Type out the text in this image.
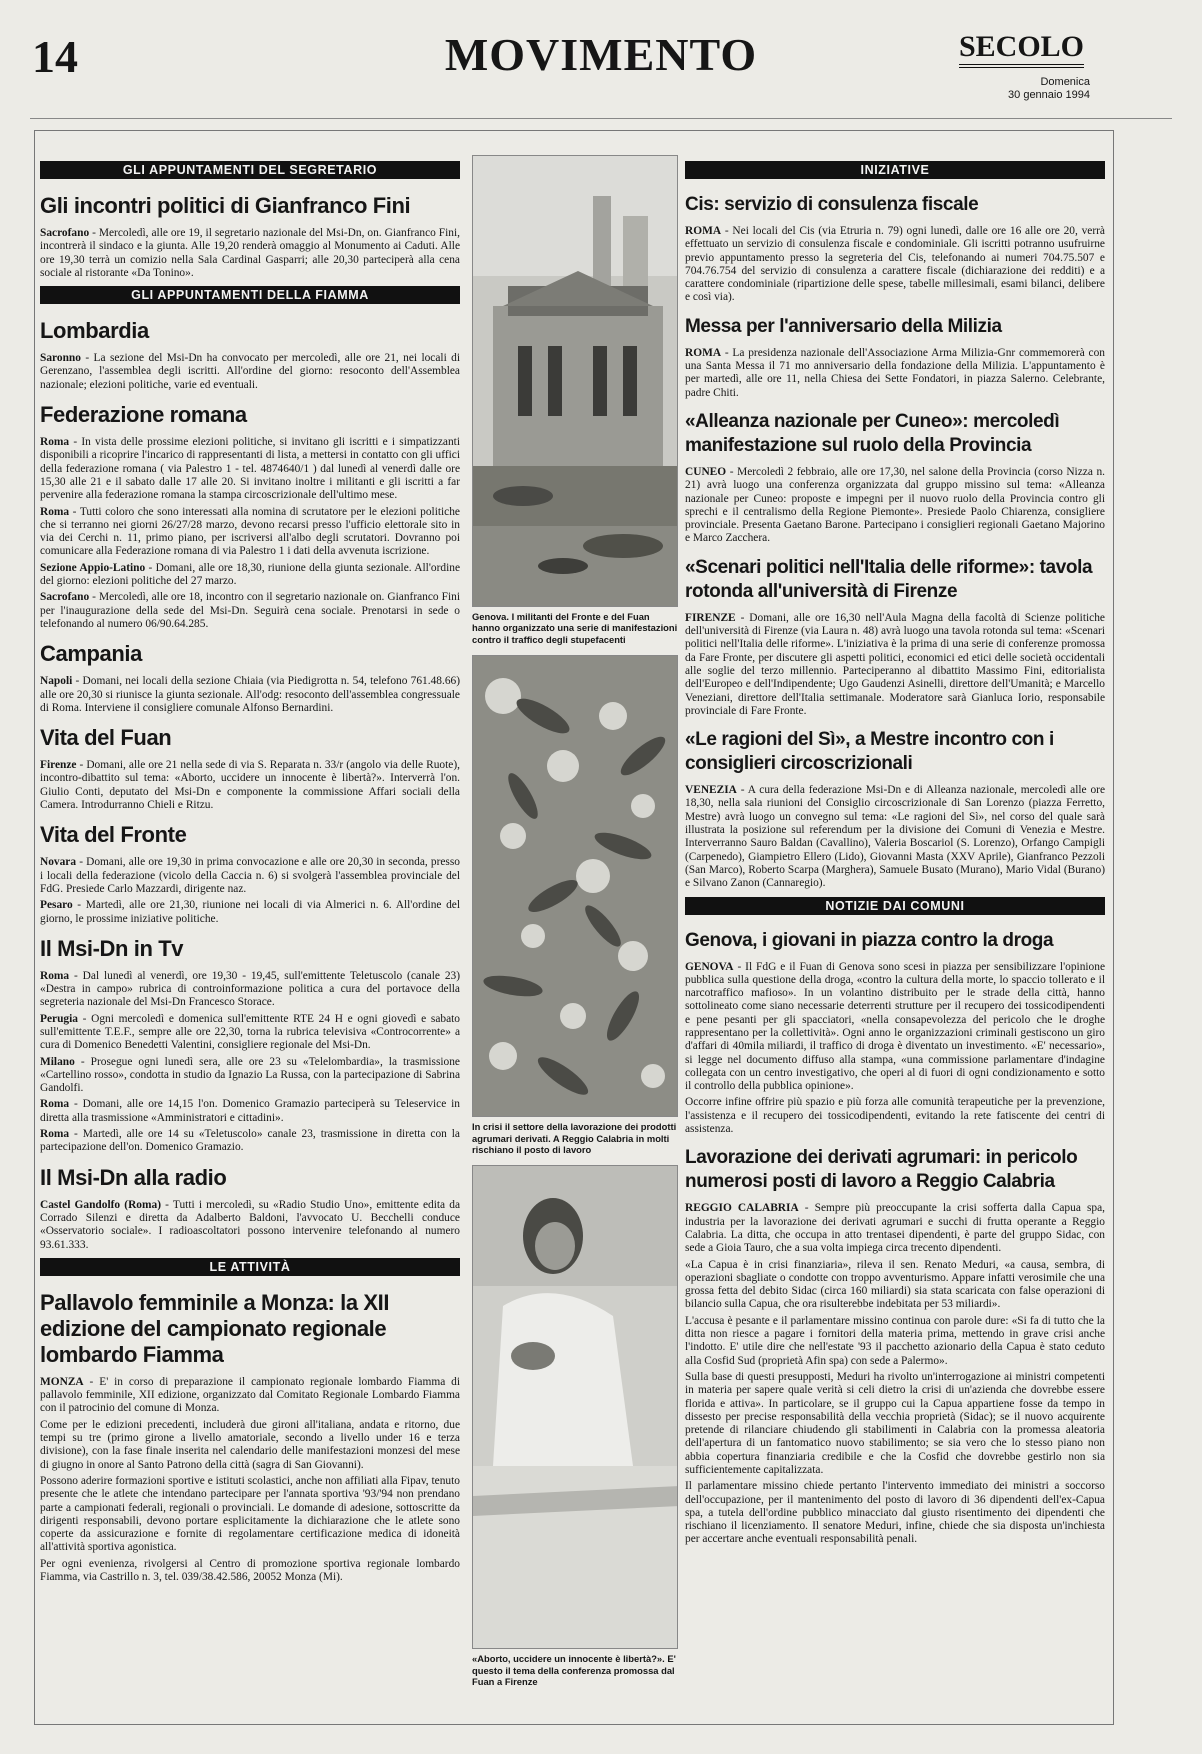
14	MOVIMENTO	SECOLO
Domenica
30 gennaio 1994
GLI APPUNTAMENTI DEL SEGRETARIO
Gli incontri politici di Gianfranco Fini

Sacrofano - Mercoledì, alle ore 19, il segretario nazionale del Msi-Dn, on. Gianfranco Fini, incontrerà il sindaco e la giunta. Alle 19,20 renderà omaggio al Monumento ai Caduti. Alle ore 19,30 terrà un comizio nella Sala Cardinal Gasparri; alle 20,30 parteciperà alla cena sociale al ristorante «Da Tonino».

GLI APPUNTAMENTI DELLA FIAMMA
Lombardia

Saronno - La sezione del Msi-Dn ha convocato per mercoledì, alle ore 21, nei locali di Gerenzano, l'assemblea degli iscritti. All'ordine del giorno: resoconto dell'Assemblea nazionale; elezioni politiche, varie ed eventuali.

Federazione romana

Roma - In vista delle prossime elezioni politiche, si invitano gli iscritti e i simpatizzanti disponibili a ricoprire l'incarico di rappresentanti di lista, a mettersi in contatto con gli uffici della federazione romana ( via Palestro 1 - tel. 4874640/1 ) dal lunedì al venerdì dalle ore 15,30 alle 21 e il sabato dalle 17 alle 20. Si invitano inoltre i militanti e gli iscritti a far pervenire alla federazione romana la stampa circoscrizionale dell'ultimo mese.

Roma - Tutti coloro che sono interessati alla nomina di scrutatore per le elezioni politiche che si terranno nei giorni 26/27/28 marzo, devono recarsi presso l'ufficio elettorale sito in via dei Cerchi n. 11, primo piano, per iscriversi all'albo degli scrutatori. Dovranno poi comunicare alla Federazione romana di via Palestro 1 i dati della avvenuta iscrizione.

Sezione Appio-Latino - Domani, alle ore 18,30, riunione della giunta sezionale. All'ordine del giorno: elezioni politiche del 27 marzo.

Sacrofano - Mercoledì, alle ore 18, incontro con il segretario nazionale on. Gianfranco Fini per l'inaugurazione della sede del Msi-Dn. Seguirà cena sociale. Prenotarsi in sede o telefonando al numero 06/90.64.285.

Campania

Napoli - Domani, nei locali della sezione Chiaia (via Piedigrotta n. 54, telefono 761.48.66) alle ore 20,30 si riunisce la giunta sezionale. All'odg: resoconto dell'assemblea congressuale di Roma. Interviene il consigliere comunale Alfonso Bernardini.

Vita del Fuan

Firenze - Domani, alle ore 21 nella sede di via S. Reparata n. 33/r (angolo via delle Ruote), incontro-dibattito sul tema: «Aborto, uccidere un innocente è libertà?». Interverrà l'on. Giulio Conti, deputato del Msi-Dn e componente la commissione Affari sociali della Camera. Introdurranno Chieli e Ritzu.

Vita del Fronte

Novara - Domani, alle ore 19,30 in prima convocazione e alle ore 20,30 in seconda, presso i locali della federazione (vicolo della Caccia n. 6) si svolgerà l'assemblea provinciale del FdG. Presiede Carlo Mazzardi, dirigente naz.

Pesaro - Martedì, alle ore 21,30, riunione nei locali di via Almerici n. 6. All'ordine del giorno, le prossime iniziative politiche.

Il Msi-Dn in Tv

Roma - Dal lunedì al venerdì, ore 19,30 - 19,45, sull'emittente Teletuscolo (canale 23) «Destra in campo» rubrica di controinformazione politica a cura del portavoce della segreteria nazionale del Msi-Dn Francesco Storace.

Perugia - Ogni mercoledì e domenica sull'emittente RTE 24 H e ogni giovedì e sabato sull'emittente T.E.F., sempre alle ore 22,30, torna la rubrica televisiva «Controcorrente» a cura di Domenico Benedetti Valentini, consigliere regionale del Msi-Dn.

Milano - Prosegue ogni lunedì sera, alle ore 23 su «Telelombardia», la trasmissione «Cartellino rosso», condotta in studio da Ignazio La Russa, con la partecipazione di Sabrina Gandolfi.

Roma - Domani, alle ore 14,15 l'on. Domenico Gramazio parteciperà su Teleservice in diretta alla trasmissione «Amministratori e cittadini».

Roma - Martedì, alle ore 14 su «Teletuscolo» canale 23, trasmissione in diretta con la partecipazione dell'on. Domenico Gramazio.

Il Msi-Dn alla radio

Castel Gandolfo (Roma) - Tutti i mercoledì, su «Radio Studio Uno», emittente edita da Corrado Silenzi e diretta da Adalberto Baldoni, l'avvocato U. Becchelli conduce «Osservatorio sociale». I radioascoltatori possono intervenire telefonando al numero 93.61.333.

LE ATTIVITÀ
Pallavolo femminile a Monza: la XII edizione del campionato regionale lombardo Fiamma

MONZA - E' in corso di preparazione il campionato regionale lombardo Fiamma di pallavolo femminile, XII edizione, organizzato dal Comitato Regionale Lombardo Fiamma con il patrocinio del comune di Monza.

Come per le edizioni precedenti, includerà due gironi all'italiana, andata e ritorno, due tempi su tre (primo girone a livello amatoriale, secondo a livello under 16 e terza divisione), con la fase finale inserita nel calendario delle manifestazioni monzesi del mese di giugno in onore al Santo Patrono della città (sagra di San Giovanni).

Possono aderire formazioni sportive e istituti scolastici, anche non affiliati alla Fipav, tenuto presente che le atlete che intendano partecipare per l'annata sportiva '93/'94 non prendano parte a campionati federali, regionali o provinciali. Le domande di adesione, sottoscritte da dirigenti responsabili, devono portare esplicitamente la dichiarazione che le atlete sono coperte da assicurazione e fornite di regolamentare certificazione medica di idoneità all'attività sportiva agonistica.

Per ogni evenienza, rivolgersi al Centro di promozione sportiva regionale lombardo Fiamma, via Castrillo n. 3, tel. 039/38.42.586, 20052 Monza (Mi).

Genova. I militanti del Fronte e del Fuan hanno organizzato una serie di manifestazioni contro il traffico degli stupefacenti
In crisi il settore della lavorazione dei prodotti agrumari derivati. A Reggio Calabria in molti rischiano il posto di lavoro
«Aborto, uccidere un innocente è libertà?». E' questo il tema della conferenza promossa dal Fuan a Firenze
INIZIATIVE
Cis: servizio di consulenza fiscale

ROMA - Nei locali del Cis (via Etruria n. 79) ogni lunedì, dalle ore 16 alle ore 20, verrà effettuato un servizio di consulenza fiscale e condominiale. Gli iscritti potranno usufruirne previo appuntamento presso la segreteria del Cis, telefonando ai numeri 704.75.507 e 704.76.754 del servizio di consulenza a carattere fiscale (dichiarazione dei redditi) e a carattere condominiale (ripartizione delle spese, tabelle millesimali, esami bilanci, delibere e così via).

Messa per l'anniversario della Milizia

ROMA - La presidenza nazionale dell'Associazione Arma Milizia-Gnr commemorerà con una Santa Messa il 71 mo anniversario della fondazione della Milizia. L'appuntamento è per martedì, alle ore 11, nella Chiesa dei Sette Fondatori, in piazza Salerno. Celebrante, padre Chiti.

«Alleanza nazionale per Cuneo»: mercoledì manifestazione sul ruolo della Provincia

CUNEO - Mercoledì 2 febbraio, alle ore 17,30, nel salone della Provincia (corso Nizza n. 21) avrà luogo una conferenza organizzata dal gruppo missino sul tema: «Alleanza nazionale per Cuneo: proposte e impegni per il nuovo ruolo della Provincia contro gli sprechi e il centralismo della Regione Piemonte». Presiede Paolo Chiarenza, consigliere provinciale. Presenta Gaetano Barone. Partecipano i consiglieri regionali Gaetano Majorino e Marco Zacchera.

«Scenari politici nell'Italia delle riforme»: tavola rotonda all'università di Firenze

FIRENZE - Domani, alle ore 16,30 nell'Aula Magna della facoltà di Scienze politiche dell'università di Firenze (via Laura n. 48) avrà luogo una tavola rotonda sul tema: «Scenari politici nell'Italia delle riforme». L'iniziativa è la prima di una serie di conferenze promossa da Fare Fronte, per discutere gli aspetti politici, economici ed etici delle società occidentali alle soglie del terzo millennio. Parteciperanno al dibattito Massimo Fini, editorialista dell'Europeo e dell'Indipendente; Ugo Gaudenzi Asinelli, direttore dell'Umanità; e Marcello Veneziani, direttore dell'Italia settimanale. Moderatore sarà Gianluca Iorio, responsabile provinciale di Fare Fronte.

«Le ragioni del Sì», a Mestre incontro con i consiglieri circoscrizionali

VENEZIA - A cura della federazione Msi-Dn e di Alleanza nazionale, mercoledì alle ore 18,30, nella sala riunioni del Consiglio circoscrizionale di San Lorenzo (piazza Ferretto, Mestre) avrà luogo un convegno sul tema: «Le ragioni del Sì», nel corso del quale sarà illustrata la posizione sul referendum per la divisione dei Comuni di Venezia e Mestre. Interverranno Sauro Baldan (Cavallino), Valeria Boscariol (S. Lorenzo), Orfango Campigli (Carpenedo), Giampietro Ellero (Lido), Giovanni Masta (XXV Aprile), Gianfranco Pezzoli (San Marco), Roberto Scarpa (Marghera), Samuele Busato (Murano), Mario Vidal (Burano) e Silvano Zanon (Cannaregio).

NOTIZIE DAI COMUNI
Genova, i giovani in piazza contro la droga

GENOVA - Il FdG e il Fuan di Genova sono scesi in piazza per sensibilizzare l'opinione pubblica sulla questione della droga, «contro la cultura della morte, lo spaccio tollerato e il narcotraffico mafioso». In un volantino distribuito per le strade della città, hanno sottolineato come siano necessarie deterrenti strutture per il recupero dei tossicodipendenti e pene pesanti per gli spacciatori, «nella consapevolezza del pericolo che le droghe rappresentano per la collettività». Ogni anno le organizzazioni criminali gestiscono un giro d'affari di 40mila miliardi, il traffico di droga è diventato un investimento. «E' necessario», si legge nel documento diffuso alla stampa, «una commissione parlamentare d'indagine collegata con un centro investigativo, che operi al di fuori di ogni condizionamento e sotto il controllo della pubblica opinione».

Occorre infine offrire più spazio e più forza alle comunità terapeutiche per la prevenzione, l'assistenza e il recupero dei tossicodipendenti, evitando la rete fatiscente dei centri di assistenza.

Lavorazione dei derivati agrumari: in pericolo numerosi posti di lavoro a Reggio Calabria

REGGIO CALABRIA - Sempre più preoccupante la crisi sofferta dalla Capua spa, industria per la lavorazione dei derivati agrumari e succhi di frutta operante a Reggio Calabria. La ditta, che occupa in atto trentasei dipendenti, è parte del gruppo Sidac, con sede a Gioia Tauro, che a sua volta impiega circa trecento dipendenti.

«La Capua è in crisi finanziaria», rileva il sen. Renato Meduri, «a causa, sembra, di operazioni sbagliate o condotte con troppo avventurismo. Appare infatti verosimile che una grossa fetta del debito Sidac (circa 160 miliardi) sia stata scaricata con false operazioni di bilancio sulla Capua, che ora risulterebbe indebitata per 53 miliardi».

L'accusa è pesante e il parlamentare missino continua con parole dure: «Si fa di tutto che la ditta non riesce a pagare i fornitori della materia prima, mettendo in grave crisi anche l'indotto. E' utile dire che nell'estate '93 il pacchetto azionario della Capua è stato ceduto alla Cosfid Sud (proprietà Afin spa) con sede a Palermo».

Sulla base di questi presupposti, Meduri ha rivolto un'interrogazione ai ministri competenti in materia per sapere quale verità si celi dietro la crisi di un'azienda che dovrebbe essere florida e attiva». In particolare, se il gruppo cui la Capua appartiene fosse da tempo in dissesto per precise responsabilità della vecchia proprietà (Sidac); se il nuovo acquirente pretende di rilanciare chiudendo gli stabilimenti in Calabria con la promessa aleatoria dell'apertura di un fantomatico nuovo stabilimento; se sia vero che lo stesso piano non abbia copertura finanziaria credibile e che la Cosfid che dovrebbe gestirlo non sia sufficientemente capitalizzata.

Il parlamentare missino chiede pertanto l'intervento immediato dei ministri a soccorso dell'occupazione, per il mantenimento del posto di lavoro di 36 dipendenti dell'ex-Capua spa, a tutela dell'ordine pubblico minacciato dal giusto risentimento dei dipendenti che rischiano il licenziamento. Il senatore Meduri, infine, chiede che sia disposta un'inchiesta per accertare anche eventuali responsabilità penali.
